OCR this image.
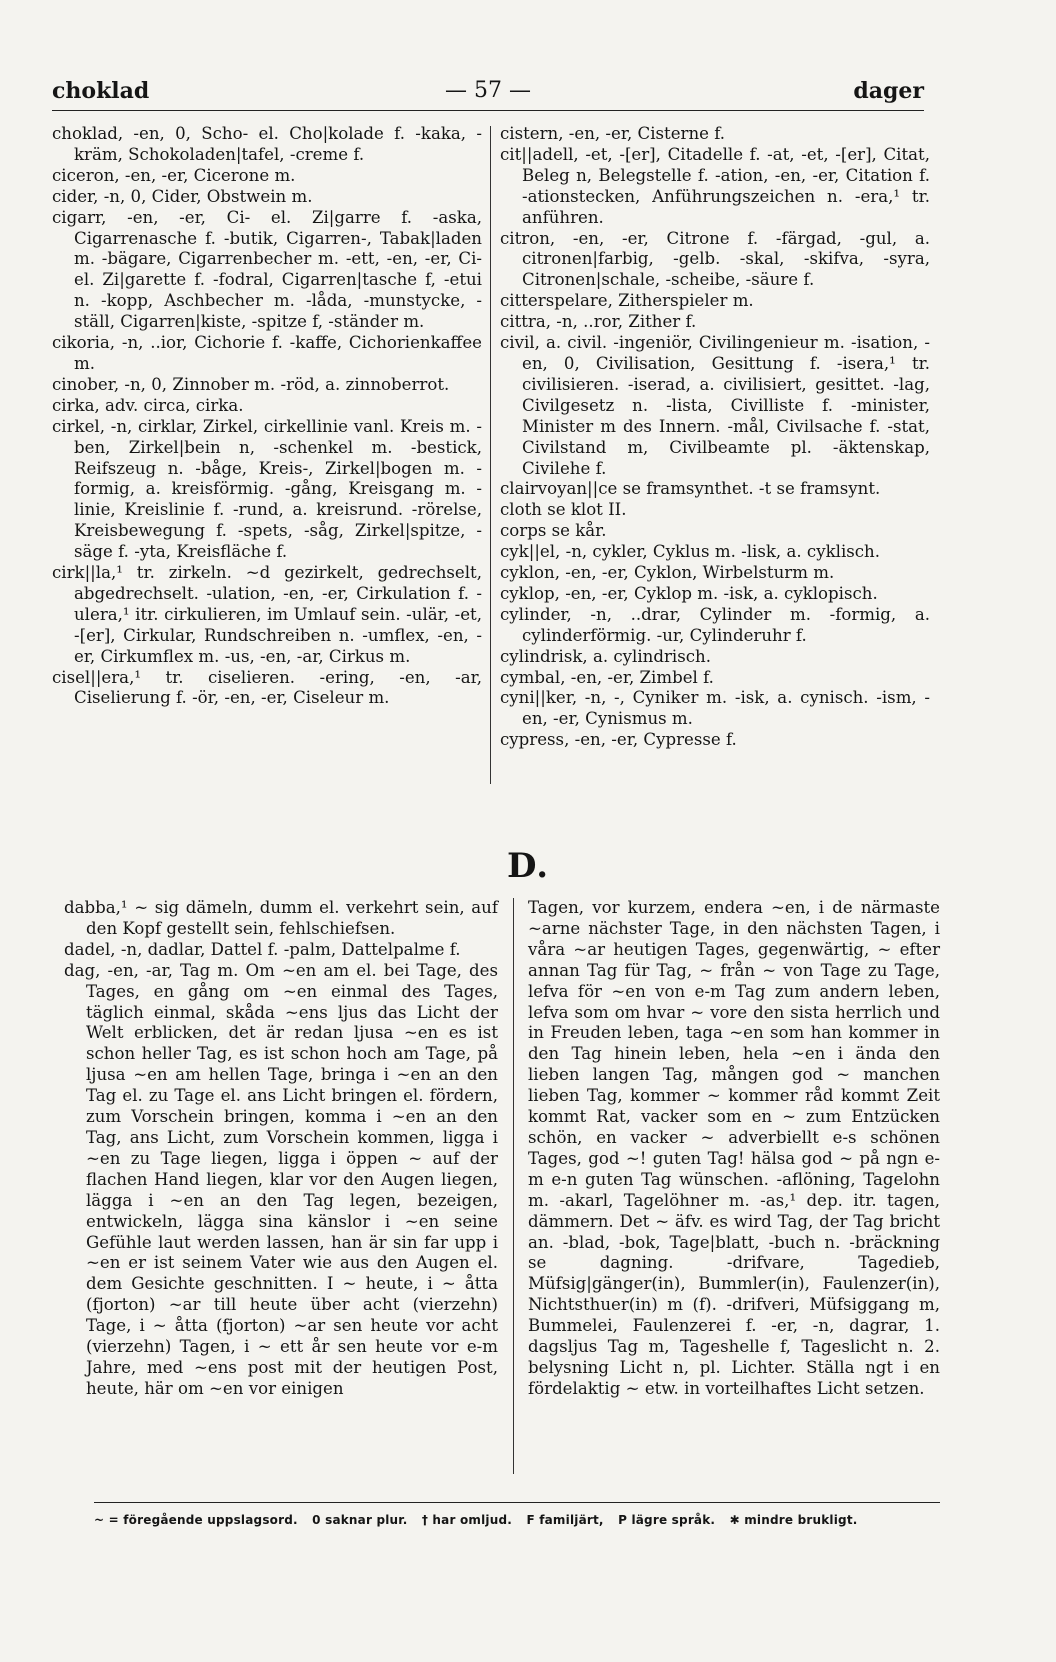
choklad	— 57 —	dager

choklad, -en, 0, Scho- el. Cho|kolade f. -kaka, -kräm, Schokoladen|tafel, -creme f.

ciceron, -en, -er, Cicerone m.

cider, -n, 0, Cider, Obstwein m.

cigarr, -en, -er, Ci- el. Zi|garre f. -aska, Cigarrenasche f. -butik, Cigarren-, Tabak|laden m. -bägare, Cigarrenbecher m. -ett, -en, -er, Ci- el. Zi|garette f. -fodral, Cigarren|tasche f, -etui n. -kopp, Aschbecher m. -låda, -munstycke, -ställ, Cigarren|kiste, -spitze f, -ständer m.

cikoria, -n, ..ior, Cichorie f. -kaffe, Cichorienkaffee m.

cinober, -n, 0, Zinnober m. -röd, a. zinnoberrot.

cirka, adv. circa, cirka.

cirkel, -n, cirklar, Zirkel, cirkellinie vanl. Kreis m. -ben, Zirkel|bein n, -schenkel m. -bestick, Reifszeug n. -båge, Kreis-, Zirkel|bogen m. -formig, a. kreisförmig. -gång, Kreisgang m. -linie, Kreislinie f. -rund, a. kreisrund. -rörelse, Kreisbewegung f. -spets, -såg, Zirkel|spitze, -säge f. -yta, Kreisfläche f.

cirk||la,¹ tr. zirkeln. ~d gezirkelt, gedrechselt, abgedrechselt. -ulation, -en, -er, Cirkulation f. -ulera,¹ itr. cirkulieren, im Umlauf sein. -ulär, -et, -[er], Cirkular, Rundschreiben n. -umflex, -en, -er, Cirkumflex m. -us, -en, -ar, Cirkus m.

cisel||era,¹ tr. ciselieren. -ering, -en, -ar, Ciselierung f. -ör, -en, -er, Ciseleur m.

cistern, -en, -er, Cisterne f.

cit||adell, -et, -[er], Citadelle f. -at, -et, -[er], Citat, Beleg n, Belegstelle f. -ation, -en, -er, Citation f. -ationstecken, Anführungszeichen n. -era,¹ tr. anführen.

citron, -en, -er, Citrone f. -färgad, -gul, a. citronen|farbig, -gelb. -skal, -skifva, -syra, Citronen|schale, -scheibe, -säure f.

citterspelare, Zitherspieler m.

cittra, -n, ..ror, Zither f.

civil, a. civil. -ingeniör, Civilingenieur m. -isation, -en, 0, Civilisation, Gesittung f. -isera,¹ tr. civilisieren. -iserad, a. civilisiert, gesittet. -lag, Civilgesetz n. -lista, Civilliste f. -minister, Minister m des Innern. -mål, Civilsache f. -stat, Civilstand m, Civilbeamte pl. -äktenskap, Civilehe f.

clairvoyan||ce se framsynthet. -t se framsynt.

cloth se klot II.

corps se kår.

cyk||el, -n, cykler, Cyklus m. -lisk, a. cyklisch.

cyklon, -en, -er, Cyklon, Wirbelsturm m.

cyklop, -en, -er, Cyklop m. -isk, a. cyklopisch.

cylinder, -n, ..drar, Cylinder m. -formig, a. cylinderförmig. -ur, Cylinderuhr f.

cylindrisk, a. cylindrisch.

cymbal, -en, -er, Zimbel f.

cyni||ker, -n, -, Cyniker m. -isk, a. cynisch. -ism, -en, -er, Cynismus m.

cypress, -en, -er, Cypresse f.

D.

dabba,¹ ~ sig dämeln, dumm el. verkehrt sein, auf den Kopf gestellt sein, fehlschiefsen.

dadel, -n, dadlar, Dattel f. -palm, Dattelpalme f.

dag, -en, -ar, Tag m. Om ~en am el. bei Tage, des Tages, en gång om ~en einmal des Tages, täglich einmal, skåda ~ens ljus das Licht der Welt erblicken, det är redan ljusa ~en es ist schon heller Tag, es ist schon hoch am Tage, på ljusa ~en am hellen Tage, bringa i ~en an den Tag el. zu Tage el. ans Licht bringen el. fördern, zum Vorschein bringen, komma i ~en an den Tag, ans Licht, zum Vorschein kommen, ligga i ~en zu Tage liegen, ligga i öppen ~ auf der flachen Hand liegen, klar vor den Augen liegen, lägga i ~en an den Tag legen, bezeigen, entwickeln, lägga sina känslor i ~en seine Gefühle laut werden lassen, han är sin far upp i ~en er ist seinem Vater wie aus den Augen el. dem Gesichte geschnitten. I ~ heute, i ~ åtta (fjorton) ~ar till heute über acht (vierzehn) Tage, i ~ åtta (fjorton) ~ar sen heute vor acht (vierzehn) Tagen, i ~ ett år sen heute vor e-m Jahre, med ~ens post mit der heutigen Post, heute, här om ~en vor einigen

Tagen, vor kurzem, endera ~en, i de närmaste ~arne nächster Tage, in den nächsten Tagen, i våra ~ar heutigen Tages, gegenwärtig, ~ efter annan Tag für Tag, ~ från ~ von Tage zu Tage, lefva för ~en von e-m Tag zum andern leben, lefva som om hvar ~ vore den sista herrlich und in Freuden leben, taga ~en som han kommer in den Tag hinein leben, hela ~en i ända den lieben langen Tag, mången god ~ manchen lieben Tag, kommer ~ kommer råd kommt Zeit kommt Rat, vacker som en ~ zum Entzücken schön, en vacker ~ adverbiellt e-s schönen Tages, god ~! guten Tag! hälsa god ~ på ngn e-m e-n guten Tag wünschen. -aflöning, Tagelohn m. -akarl, Tagelöhner m. -as,¹ dep. itr. tagen, dämmern. Det ~ äfv. es wird Tag, der Tag bricht an. -blad, -bok, Tage|blatt, -buch n. -bräckning se dagning. -drifvare, Tagedieb, Müfsig|gänger(in), Bummler(in), Faulenzer(in), Nichtsthuer(in) m (f). -drifveri, Müfsiggang m, Bummelei, Faulenzerei f. -er, -n, dagrar, 1. dagsljus Tag m, Tageshelle f, Tageslicht n. 2. belysning Licht n, pl. Lichter. Ställa ngt i en fördelaktig ~ etw. in vorteilhaftes Licht setzen.

~ = föregående uppslagsord. 0 saknar plur. † har omljud. F familjärt, P lägre språk. ✱ mindre brukligt.
